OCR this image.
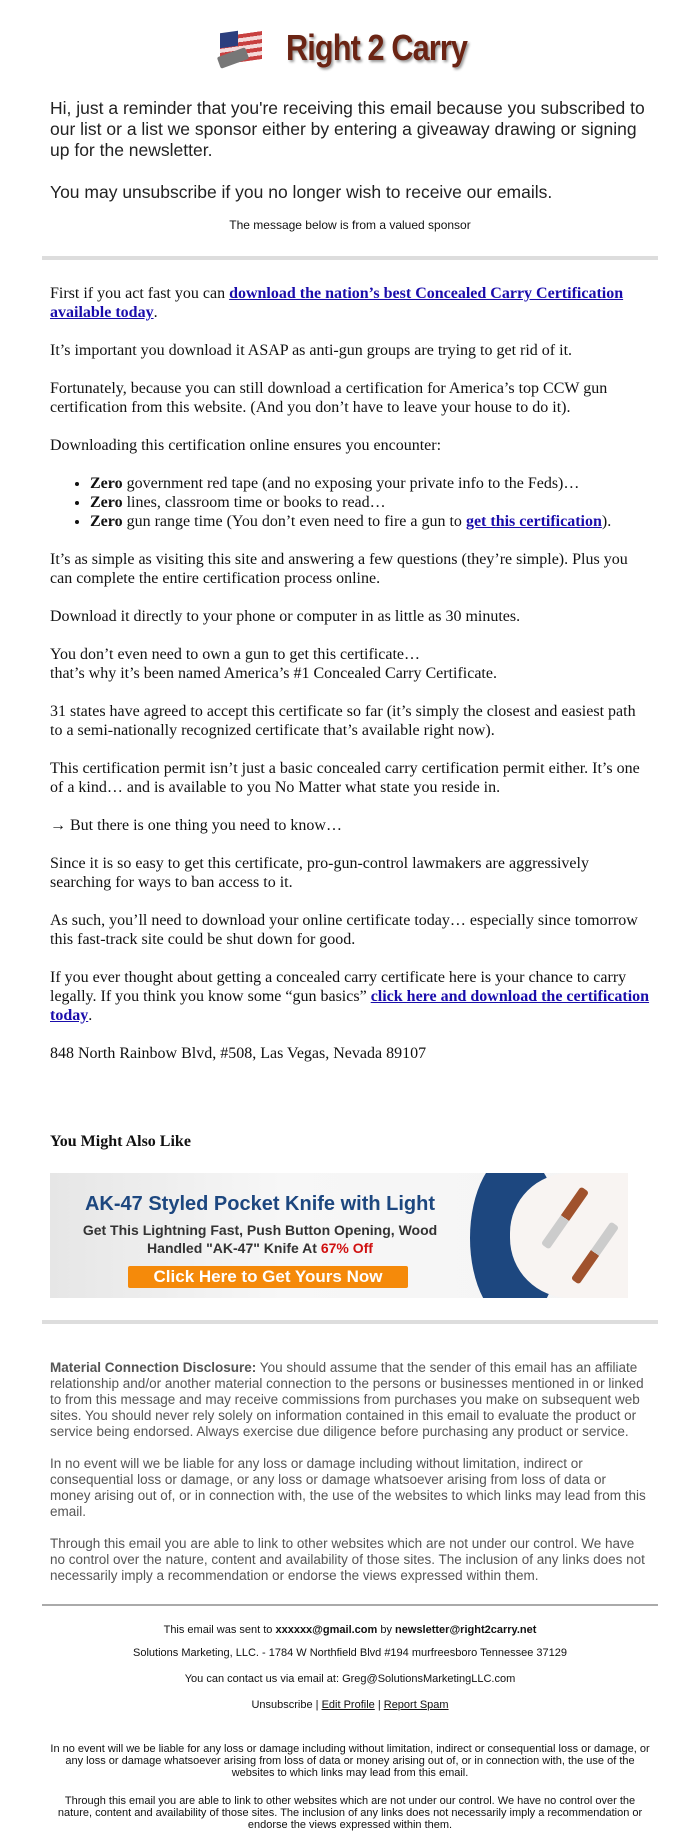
Right 2 Carry

Hi, just a reminder that you're receiving this email because you subscribed to our list or a list we sponsor either by entering a giveaway drawing or signing up for the newsletter.

You may unsubscribe if you no longer wish to receive our emails.

The message below is from a valued sponsor

First if you act fast you can download the nation’s best Concealed Carry Certification available today.

It’s important you download it ASAP as anti-gun groups are trying to get rid of it.

Fortunately, because you can still download a certification for America’s top CCW gun certification from this website. (And you don’t have to leave your house to do it).

Downloading this certification online ensures you encounter:

• Zero government red tape (and no exposing your private info to the Feds)…
• Zero lines, classroom time or books to read…
• Zero gun range time (You don’t even need to fire a gun to get this certification).

It’s as simple as visiting this site and answering a few questions (they’re simple). Plus you can complete the entire certification process online.

Download it directly to your phone or computer in as little as 30 minutes.

You don’t even need to own a gun to get this certificate…
that’s why it’s been named America’s #1 Concealed Carry Certificate.

31 states have agreed to accept this certificate so far (it’s simply the closest and easiest path to a semi-nationally recognized certificate that’s available right now).

This certification permit isn’t just a basic concealed carry certification permit either. It’s one of a kind… and is available to you No Matter what state you reside in.

→ But there is one thing you need to know…

Since it is so easy to get this certificate, pro-gun-control lawmakers are aggressively searching for ways to ban access to it.

As such, you’ll need to download your online certificate today… especially since tomorrow this fast-track site could be shut down for good.

If you ever thought about getting a concealed carry certificate here is your chance to carry legally. If you think you know some “gun basics” click here and download the certification today.

848 North Rainbow Blvd, #508, Las Vegas, Nevada 89107

You Might Also Like
AK-47 Styled Pocket Knife with Light
Get This Lightning Fast, Push Button Opening, Wood
Handled "AK-47" Knife At 67% Off
Click Here to Get Yours Now

Material Connection Disclosure: You should assume that the sender of this email has an affiliate relationship and/or another material connection to the persons or businesses mentioned in or linked to from this message and may receive commissions from purchases you make on subsequent web sites. You should never rely solely on information contained in this email to evaluate the product or service being endorsed. Always exercise due diligence before purchasing any product or service.

In no event will we be liable for any loss or damage including without limitation, indirect or consequential loss or damage, or any loss or damage whatsoever arising from loss of data or money arising out of, or in connection with, the use of the websites to which links may lead from this email.

Through this email you are able to link to other websites which are not under our control. We have no control over the nature, content and availability of those sites. The inclusion of any links does not necessarily imply a recommendation or endorse the views expressed within them.

This email was sent to xxxxxx@gmail.com by newsletter@right2carry.net

Solutions Marketing, LLC. - 1784 W Northfield Blvd #194 murfreesboro Tennessee 37129

You can contact us via email at: Greg@SolutionsMarketingLLC.com

Unsubscribe | Edit Profile | Report Spam

In no event will we be liable for any loss or damage including without limitation, indirect or consequential loss or damage, or any loss or damage whatsoever arising from loss of data or money arising out of, or in connection with, the use of the websites to which links may lead from this email.

Through this email you are able to link to other websites which are not under our control. We have no control over the nature, content and availability of those sites. The inclusion of any links does not necessarily imply a recommendation or endorse the views expressed within them.
